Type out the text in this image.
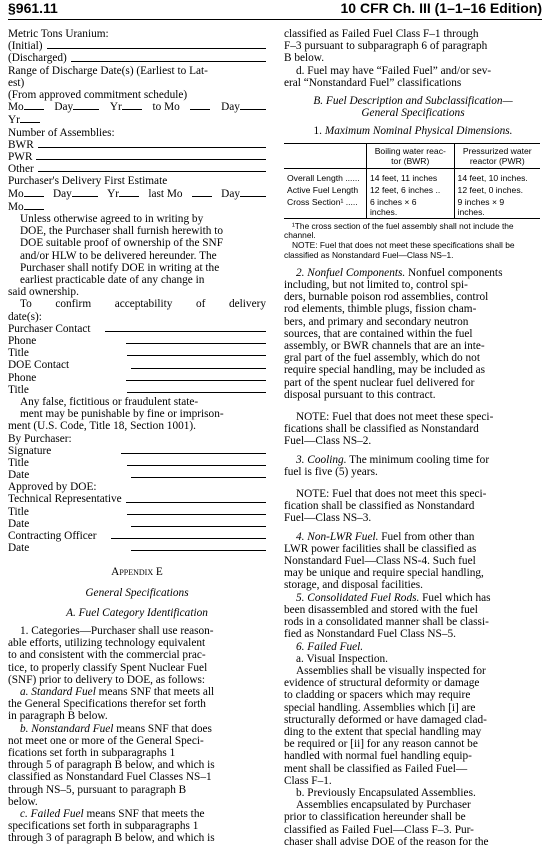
§961.11	10 CFR Ch. III (1–1–16 Edition)

Metric Tons Uranium:

(Initial)
(Discharged)

Range of Discharge Date(s) (Earliest to Lat-

est)

(From approved commitment schedule)

Mo	Day	Yr	to Mo	Day

Yr

Number of Assemblies:

BWR
PWR
Other

Purchaser's Delivery First Estimate

Mo	Day	Yr	last Mo	Day

Mo

Unless otherwise agreed to in writing by

DOE, the Purchaser shall furnish herewith to

DOE suitable proof of ownership of the SNF

and/or HLW to be delivered hereunder. The

Purchaser shall notify DOE in writing at the

earliest practicable date of any change in

said ownership.

To confirm acceptability of delivery

date(s):

Purchaser Contact
Phone
Title
DOE Contact
Phone
Title

Any false, fictitious or fraudulent state-

ment may be punishable by fine or imprison-

ment (U.S. Code, Title 18, Section 1001).

By Purchaser:

Signature
Title
Date

Approved by DOE:

Technical Representative
Title
Date
Contracting Officer
Date

Appendix E

General Specifications

A. Fuel Category Identification

1. Categories—Purchaser shall use reason-

able efforts, utilizing technology equivalent

to and consistent with the commercial prac-

tice, to properly classify Spent Nuclear Fuel

(SNF) prior to delivery to DOE, as follows:

a. Standard Fuel means SNF that meets all

the General Specifications therefor set forth

in paragraph B below.

b. Nonstandard Fuel means SNF that does

not meet one or more of the General Speci-

fications set forth in subparagraphs 1

through 5 of paragraph B below, and which is

classified as Nonstandard Fuel Classes NS–1

through NS–5, pursuant to paragraph B

below.

c. Failed Fuel means SNF that meets the

specifications set forth in subparagraphs 1

through 3 of paragraph B below, and which is

classified as Failed Fuel Class F–1 through

F–3 pursuant to subparagraph 6 of paragraph

B below.

d. Fuel may have “Failed Fuel” and/or sev-

eral “Nonstandard Fuel” classifications

B. Fuel Description and Subclassification—

General Specifications

1. Maximum Nominal Physical Dimensions.

	Boiling water reac-
tor (BWR)	Pressurized water
reactor (PWR)
Overall Length ......	14 feet, 11 inches	14 feet, 10 inches.
Active Fuel Length	12 feet, 6 inches ..	12 feet, 0 inches.
Cross Section¹ .....	6 inches × 6
inches.	9 inches × 9
inches.

¹The cross section of the fuel assembly shall not include the channel.

NOTE: Fuel that does not meet these specifications shall be classified as Nonstandard Fuel—Class NS–1.

2. Nonfuel Components. Nonfuel components

including, but not limited to, control spi-

ders, burnable poison rod assemblies, control

rod elements, thimble plugs, fission cham-

bers, and primary and secondary neutron

sources, that are contained within the fuel

assembly, or BWR channels that are an inte-

gral part of the fuel assembly, which do not

require special handling, may be included as

part of the spent nuclear fuel delivered for

disposal pursuant to this contract.

NOTE: Fuel that does not meet these speci-

fications shall be classified as Nonstandard

Fuel—Class NS–2.

3. Cooling. The minimum cooling time for

fuel is five (5) years.

NOTE: Fuel that does not meet this speci-

fication shall be classified as Nonstandard

Fuel—Class NS–3.

4. Non-LWR Fuel. Fuel from other than

LWR power facilities shall be classified as

Nonstandard Fuel—Class NS-4. Such fuel

may be unique and require special handling,

storage, and disposal facilities.

5. Consolidated Fuel Rods. Fuel which has

been disassembled and stored with the fuel

rods in a consolidated manner shall be classi-

fied as Nonstandard Fuel Class NS–5.

6. Failed Fuel.

a. Visual Inspection.

Assemblies shall be visually inspected for

evidence of structural deformity or damage

to cladding or spacers which may require

special handling. Assemblies which [i] are

structurally deformed or have damaged clad-

ding to the extent that special handling may

be required or [ii] for any reason cannot be

handled with normal fuel handling equip-

ment shall be classified as Failed Fuel—

Class F–1.

b. Previously Encapsulated Assemblies.

Assemblies encapsulated by Purchaser

prior to classification hereunder shall be

classified as Failed Fuel—Class F–3. Pur-

chaser shall advise DOE of the reason for the
